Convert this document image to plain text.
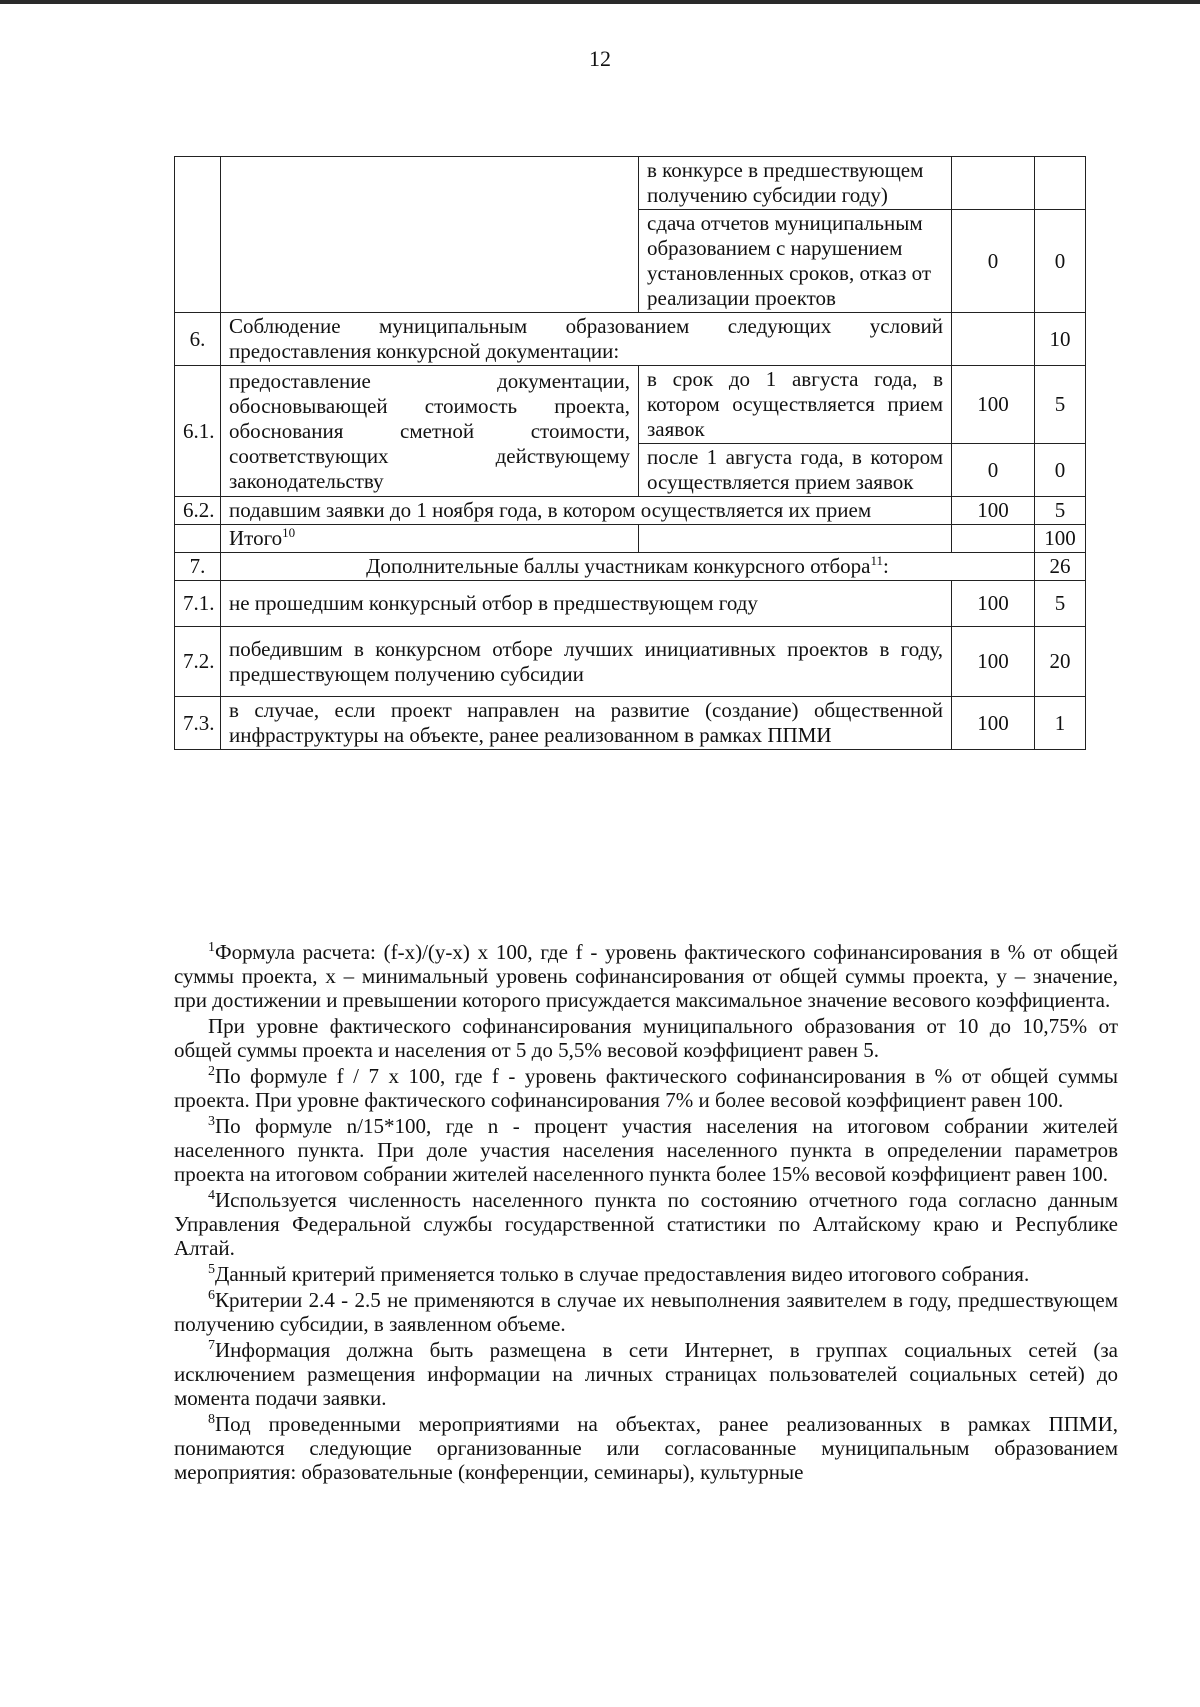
12
		в конкурсе в предшествующем получению субсидии году)		
		сдача отчетов муниципальным образованием с нарушением установленных сроков, отказ от реализации проектов	0	0
6.	Соблюдение муниципальным образованием следующих условий предоставления конкурсной документации:			10
6.1.	предоставление документации, обосновывающей стоимость проекта, обоснования сметной стоимости, соответствующих действующему законодательству	в срок до 1 августа года, в котором осуществляется прием заявок	100	5
		после 1 августа года, в котором осуществляется прием заявок	0	0
6.2.	подавшим заявки до 1 ноября года, в котором осуществляется их прием		100	5
	Итого$^{10}$			100
7.	Дополнительные баллы участникам конкурсного отбора$^{11}$:			26
7.1.	не прошедшим конкурсный отбор в предшествующем году		100	5
7.2.	победившим в конкурсном отборе лучших инициативных проектов в году, предшествующем получению субсидии		100	20
7.3.	в случае, если проект направлен на развитие (создание) общественной инфраструктуры на объекте, ранее реализованном в рамках ППМИ		100	1

$^1$Формула расчета: (f-x)/(y-x) x 100, где f - уровень фактического софинансирования в % от общей суммы проекта, x – минимальный уровень софинансирования от общей суммы проекта, y – значение, при достижении и превышении которого присуждается максимальное значение весового коэффициента.

При уровне фактического софинансирования муниципального образования от 10 до 10,75% от общей суммы проекта и населения от 5 до 5,5% весовой коэффициент равен 5.

$^2$По формуле f / 7 x 100, где f - уровень фактического софинансирования в % от общей суммы проекта. При уровне фактического софинансирования 7% и более весовой коэффициент равен 100.

$^3$По формуле n/15*100, где n - процент участия населения на итоговом собрании жителей населенного пункта. При доле участия населения населенного пункта в определении параметров проекта на итоговом собрании жителей населенного пункта более 15% весовой коэффициент равен 100.

$^4$Используется численность населенного пункта по состоянию отчетного года согласно данным Управления Федеральной службы государственной статистики по Алтайскому краю и Республике Алтай.

$^5$Данный критерий применяется только в случае предоставления видео итогового собрания.

$^6$Критерии 2.4 - 2.5 не применяются в случае их невыполнения заявителем в году, предшествующем получению субсидии, в заявленном объеме.

$^7$Информация должна быть размещена в сети Интернет, в группах социальных сетей (за исключением размещения информации на личных страницах пользователей социальных сетей) до момента подачи заявки.

$^8$Под проведенными мероприятиями на объектах, ранее реализованных в рамках ППМИ, понимаются следующие организованные или согласованные муниципальным образованием мероприятия: образовательные (конференции, семинары), культурные
